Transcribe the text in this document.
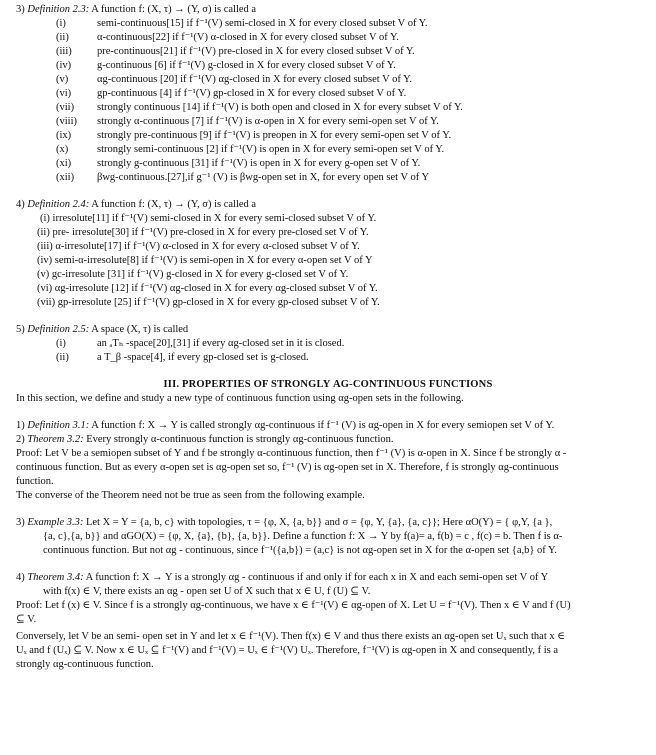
3) Definition 2.3: A function f: (X, τ) → (Y, σ) is called a
(i)	semi-continuous[15] if f⁻¹(V) semi-closed in X for every closed subset V of Y.
(ii)	α-continuous[22] if f⁻¹(V) α-closed in X for every closed subset V of Y.
(iii) pre-continuous[21] if f⁻¹(V) pre-closed in X for every closed subset V of Y.
(iv) g-continuous [6] if f⁻¹(V) g-closed in X for every closed subset V of Y.
(v)	αg-continuous [20] if f⁻¹(V) αg-closed in X for every closed subset V of Y.
(vi) gp-continuous [4] if f⁻¹(V) gp-closed in X for every closed subset V of Y.
(vii) strongly continuous [14] if f⁻¹(V) is both open and closed in X for every subset V of Y.
(viii) strongly α-continuous [7] if f⁻¹(V) is α-open in X for every semi-open set V of Y.
(ix) strongly pre-continuous [9] if f⁻¹(V) is preopen in X for every semi-open set V of Y.
(x)	strongly semi-continuous [2] if f⁻¹(V) is open in X for every semi-open set V of Y.
(xi) strongly g-continuous [31] if f⁻¹(V) is open in X for every g-open set V of Y.
(xii) βwg-continuous.[27],if g⁻¹ (V) is βwg-open set in X, for every open set V of Y
4) Definition 2.4: A function f: (X, τ) → (Y, σ) is called a
(i) irresolute[11] if f⁻¹(V) semi-closed in X for every semi-closed subset V of Y.
(ii) pre- irresolute[30] if f⁻¹(V) pre-closed in X for every pre-closed set V of Y.
(iii) α-irresolute[17] if f⁻¹(V) α-closed in X for every α-closed subset V of Y.
(iv) semi-α-irresolute[8] if f⁻¹(V) is semi-open in X for every α-open set V of Y
(v) gc-irresolute [31] if f⁻¹(V) g-closed in X for every g-closed set V of Y.
(vi) αg-irresolute [12] if f⁻¹(V) αg-closed in X for every αg-closed subset V of Y.
(vii) gp-irresolute [25] if f⁻¹(V) gp-closed in X for every gp-closed subset V of Y.
5) Definition 2.5: A space (X, τ) is called
(i)	an ₐTₕ -space[20],[31] if every αg-closed set in it is closed.
(ii)	a T_β -space[4], if every gp-closed set is g-closed.
III. PROPERTIES OF STRONGLY ΑG-CONTINUOUS FUNCTIONS
In this section, we define and study a new type of continuous function using αg-open sets in the following.
1) Definition 3.1: A function f: X → Y is called strongly αg-continuous if f⁻¹ (V) is αg-open in X for every semiopen set V of Y.
2) Theorem 3.2: Every strongly α-continuous function is strongly αg-continuous function.
Proof: Let V be a semiopen subset of Y and f be strongly α-continuous function, then f⁻¹ (V) is α-open in X. Since f be strongly α -
continuous function. But as every α-open set is αg-open set so, f⁻¹ (V) is αg-open set in X. Therefore, f is strongly αg-continuous
function.
The converse of the Theorem need not be true as seen from the following example.
3) Example 3.3: Let X = Y = {a, b, c} with topologies, τ = {φ, X, {a, b}} and σ = {φ, Y, {a}, {a, c}}; Here αO(Y) = { φ,Y, {a },
{a, c},{a, b}} and αGO(X) = {φ, X, {a}, {b}, {a, b}}. Define a function f: X → Y by f(a)= a, f(b) = c , f(c) = b. Then f is α-
continuous function. But not αg - continuous, since f⁻¹({a,b}) = (a,c} is not αg-open set in X for the α-open set {a,b} of Y.
4) Theorem 3.4: A function f: X → Y is a strongly αg - continuous if and only if for each x in X and each semi-open set V of Y
with f(x) ∈ V, there exists an αg - open set U of X such that x ∈ U, f (U) ⊆ V.
Proof: Let f (x) ∈ V. Since f is a strongly αg-continuous, we have x ∈ f⁻¹(V) ∈ αg-open of X. Let U = f⁻¹(V). Then x ∈ V and f (U)
⊆ V.
Conversely, let V be an semi- open set in Y and let x ∈ f⁻¹(V). Then f(x) ∈ V and thus there exists an αg-open set Uₓ such that x ∈
Uₓ and f (Uₓ) ⊆ V. Now x ∈ Uₓ ⊆ f⁻¹(V) and f⁻¹(V) = Uₓ ∈ f⁻¹(V) Uₓ. Therefore, f⁻¹(V) is αg-open in X and consequently, f is a
strongly αg-continuous function.
